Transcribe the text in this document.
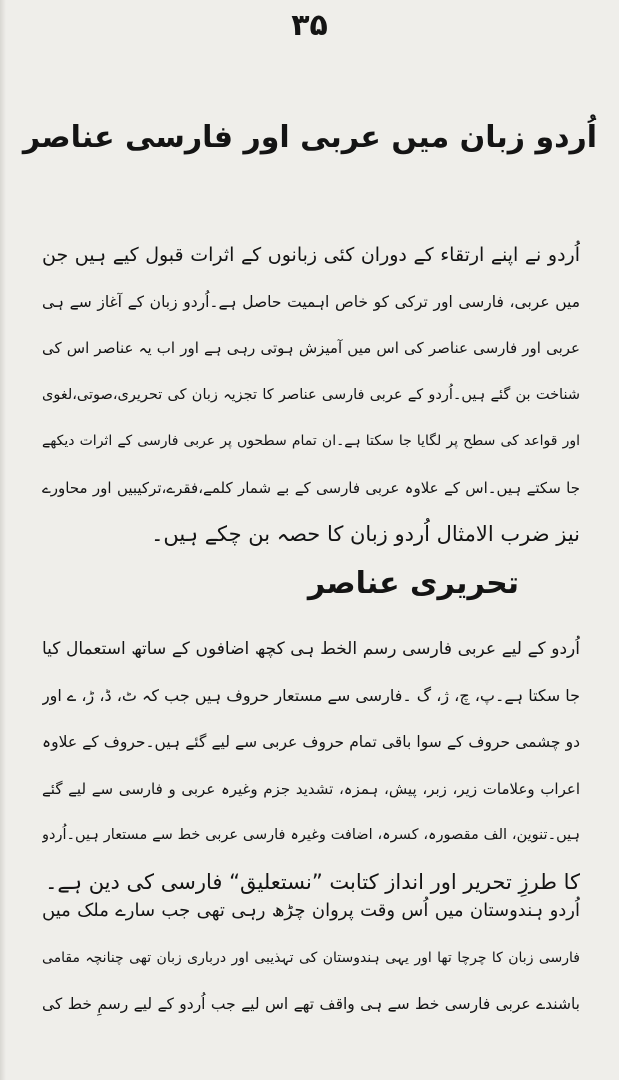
۳۵
اُردو زبان میں عربی اور فارسی عناصر
اُردو نے اپنے ارتقاء کے دوران کئی زبانوں کے اثرات قبول کیے ہیں جن
میں عربی، فارسی اور ترکی کو خاص اہمیت حاصل ہے۔اُردو زبان کے آغاز سے ہی
عربی اور فارسی عناصر کی اس میں آمیزش ہوتی رہی ہے اور اب یہ عناصر اس کی
شناخت بن گئے ہیں۔اُردو کے عربی فارسی عناصر کا تجزیہ زبان کی تحریری،صوتی،لغوی
اور قواعد کی سطح پر لگایا جا سکتا ہے۔ان تمام سطحوں پر عربی فارسی کے اثرات دیکھے
جا سکتے ہیں۔اس کے علاوہ عربی فارسی کے بے شمار کلمے،فقرے،ترکیبیں اور محاورے
نیز ضرب الامثال اُردو زبان کا حصہ بن چکے ہیں۔
تحریری عناصر
اُردو کے لیے عربی فارسی رسم الخط ہی کچھ اضافوں کے ساتھ استعمال کیا
جا سکتا ہے۔پ، چ، ژ، گ ۔فارسی سے مستعار حروف ہیں جب کہ ٹ، ڈ، ڑ، ے اور
دو چشمی حروف کے سوا باقی تمام حروف عربی سے لیے گئے ہیں۔حروف کے علاوہ
اعراب وعلامات زیر، زبر، پیش، ہمزہ، تشدید جزم وغیرہ عربی و فارسی سے لیے گئے
ہیں۔تنوین، الف مقصورہ، کسرہ، اضافت وغیرہ فارسی عربی خط سے مستعار ہیں۔اُردو
کا طرزِ تحریر اور انداز کتابت ”نستعلیق“ فارسی کی دین ہے۔
اُردو ہندوستان میں اُس وقت پروان چڑھ رہی تھی جب سارے ملک میں
فارسی زبان کا چرچا تھا اور یہی ہندوستان کی تہذیبی اور درباری زبان تھی چنانچہ مقامی
باشندے عربی فارسی خط سے ہی واقف تھے اس لیے جب اُردو کے لیے رسمِ خط کی
